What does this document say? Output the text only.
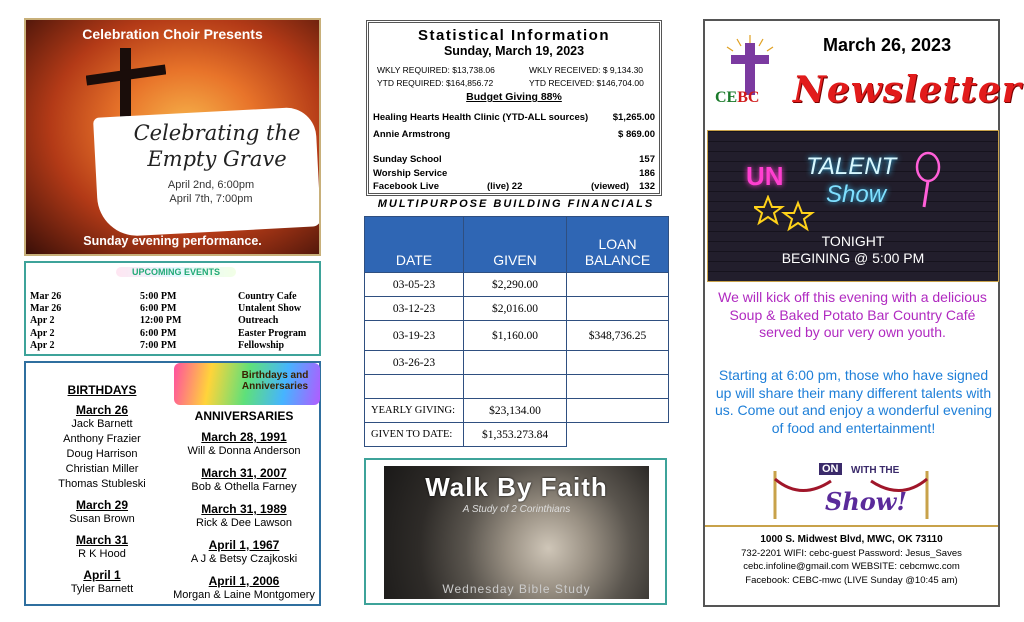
Celebration Choir Presents
Celebrating the
Empty Grave
April 2nd, 6:00pm
April 7th, 7:00pm
Fellowship to follow
Sunday evening performance.
UPCOMING EVENTS
Mar 26	5:00 PM	Country Cafe
Mar 26	6:00 PM	Untalent Show
Apr 2	12:00 PM	Outreach
Apr 2	6:00 PM	Easter Program
Apr 2	7:00 PM	Fellowship
Birthdays and Anniversaries
BIRTHDAYS
March 26
Jack Barnett
Anthony Frazier
Doug Harrison
Christian Miller
Thomas Stubleski
March 29
Susan Brown
March 31
R K Hood
April 1
Tyler Barnett
ANNIVERSARIES
March 28, 1991
Will & Donna Anderson
March 31, 2007
Bob & Othella Farney
March 31, 1989
Rick & Dee Lawson
April 1, 1967
A J & Betsy Czajkoski
April 1, 2006
Morgan & Laine Montgomery
Statistical Information
Sunday, March 19, 2023
WKLY REQUIRED: $13,738.06	WKLY RECEIVED: $ 9,134.30
YTD REQUIRED: $164,856.72	YTD RECEIVED: $146,704.00
Budget Giving 88%
Healing Hearts Health Clinic (YTD-ALL sources)	$1,265.00
Annie Armstrong	$ 869.00
Sunday School	157
Worship Service	186
Facebook Live	(live) 22	(viewed) 132
MULTIPURPOSE BUILDING FINANCIALS
DATE	GIVEN	LOAN BALANCE
03-05-23	$2,290.00	
03-12-23	$2,016.00	
03-19-23	$1,160.00	$348,736.25
03-26-23		

YEARLY GIVING:	$23,134.00	
GIVEN TO DATE:	$1,353.273.84	
Walk By Faith
A Study of 2 Corinthians
Wednesday Bible Study
CEBC
March 26, 2023
Newsletter
UN TALENT
Show
TONIGHT
BEGINING @ 5:00 PM
We will kick off this evening with a delicious Soup & Baked Potato Bar Country Café served by our very own youth.
Starting at 6:00 pm, those who have signed up will share their many different talents with us. Come out and enjoy a wonderful evening of food and entertainment!
ON	WITH THE
Show!
1000 S. Midwest Blvd, MWC, OK 73110
732-2201 WIFI: cebc-guest Password: Jesus_Saves
cebc.infoline@gmail.com WEBSITE: cebcmwc.com
Facebook: CEBC-mwc (LIVE Sunday @10:45 am)
